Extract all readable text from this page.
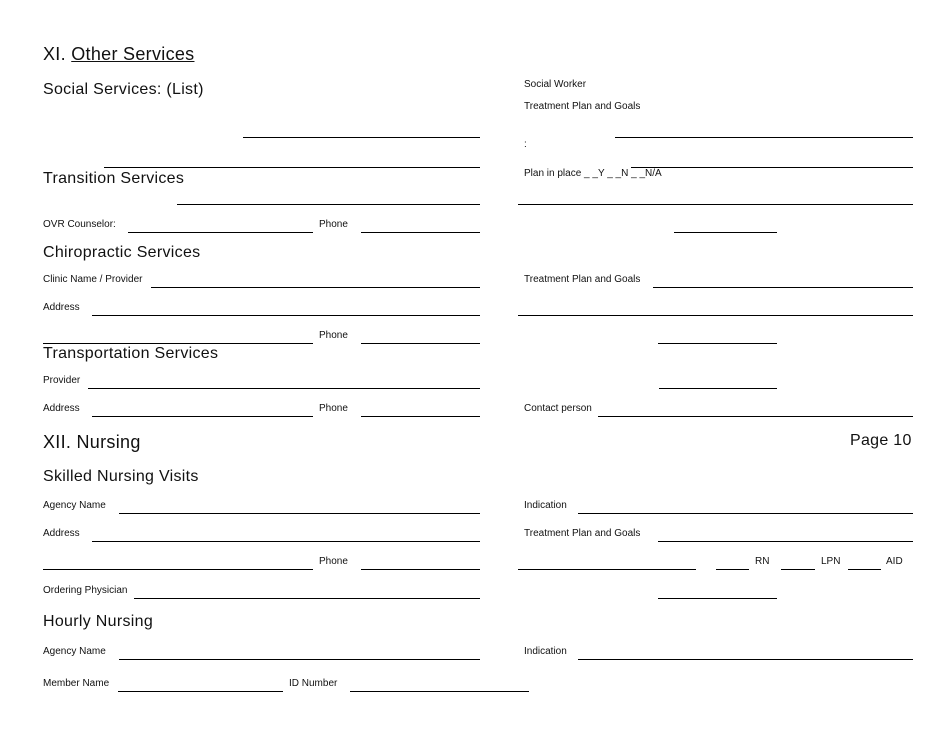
XI. Other Services
Social Services: (List)	Social Worker
Treatment Plan and Goals
:
Plan in place _ _Y _ _N _ _N/A
Transition Services
OVR Counselor:	Phone
Chiropractic Services
Clinic Name / Provider	Treatment Plan and Goals
Address
Phone
Transportation Services
Provider
Address	Phone	Contact person
XII. Nursing	Page 10
Skilled Nursing Visits
Agency Name	Indication
Address	Treatment Plan and Goals
Phone	RN	LPN	AID
Ordering Physician
Hourly Nursing
Agency Name	Indication
Member Name	ID Number
